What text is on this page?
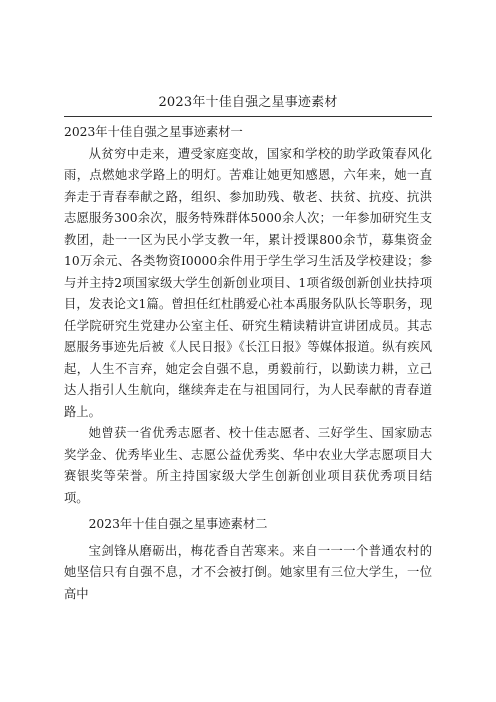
2023年十佳自强之星事迹素材

2023年十佳自强之星事迹素材一

从贫穷中走来，遭受家庭变故，国家和学校的助学政策春风化雨，点燃她求学路上的明灯。苦难让她更知感恩，六年来，她一直奔走于青春奉献之路，组织、参加助残、敬老、扶贫、抗疫、抗洪志愿服务300余次，服务特殊群体5000余人次；一年参加研究生支教团，赴一一区为民小学支教一年，累计授课800余节，募集资金10万余元、各类物资I0000余件用于学生学习生活及学校建设；参与并主持2项国家级大学生创新创业项目、1项省级创新创业扶持项目，发表论文1篇。曾担任红杜鹃爱心社本禹服务队队长等职务，现任学院研究生党建办公室主任、研究生精读精讲宣讲团成员。其志愿服务事迹先后被《人民日报》《长江日报》等媒体报道。纵有疾风起，人生不言弃，她定会自强不息，勇毅前行，以勤读力耕，立己达人指引人生航向，继续奔走在与祖国同行，为人民奉献的青春道路上。

她曾获一省优秀志愿者、校十佳志愿者、三好学生、国家励志奖学金、优秀毕业生、志愿公益优秀奖、华中农业大学志愿项目大赛银奖等荣誉。所主持国家级大学生创新创业项目获优秀项目结项。

2023年十佳自强之星事迹素材二

宝剑锋从磨砺出，梅花香自苦寒来。来自一一一个普通农村的她坚信只有自强不息，才不会被打倒。她家里有三位大学生，一位高中
